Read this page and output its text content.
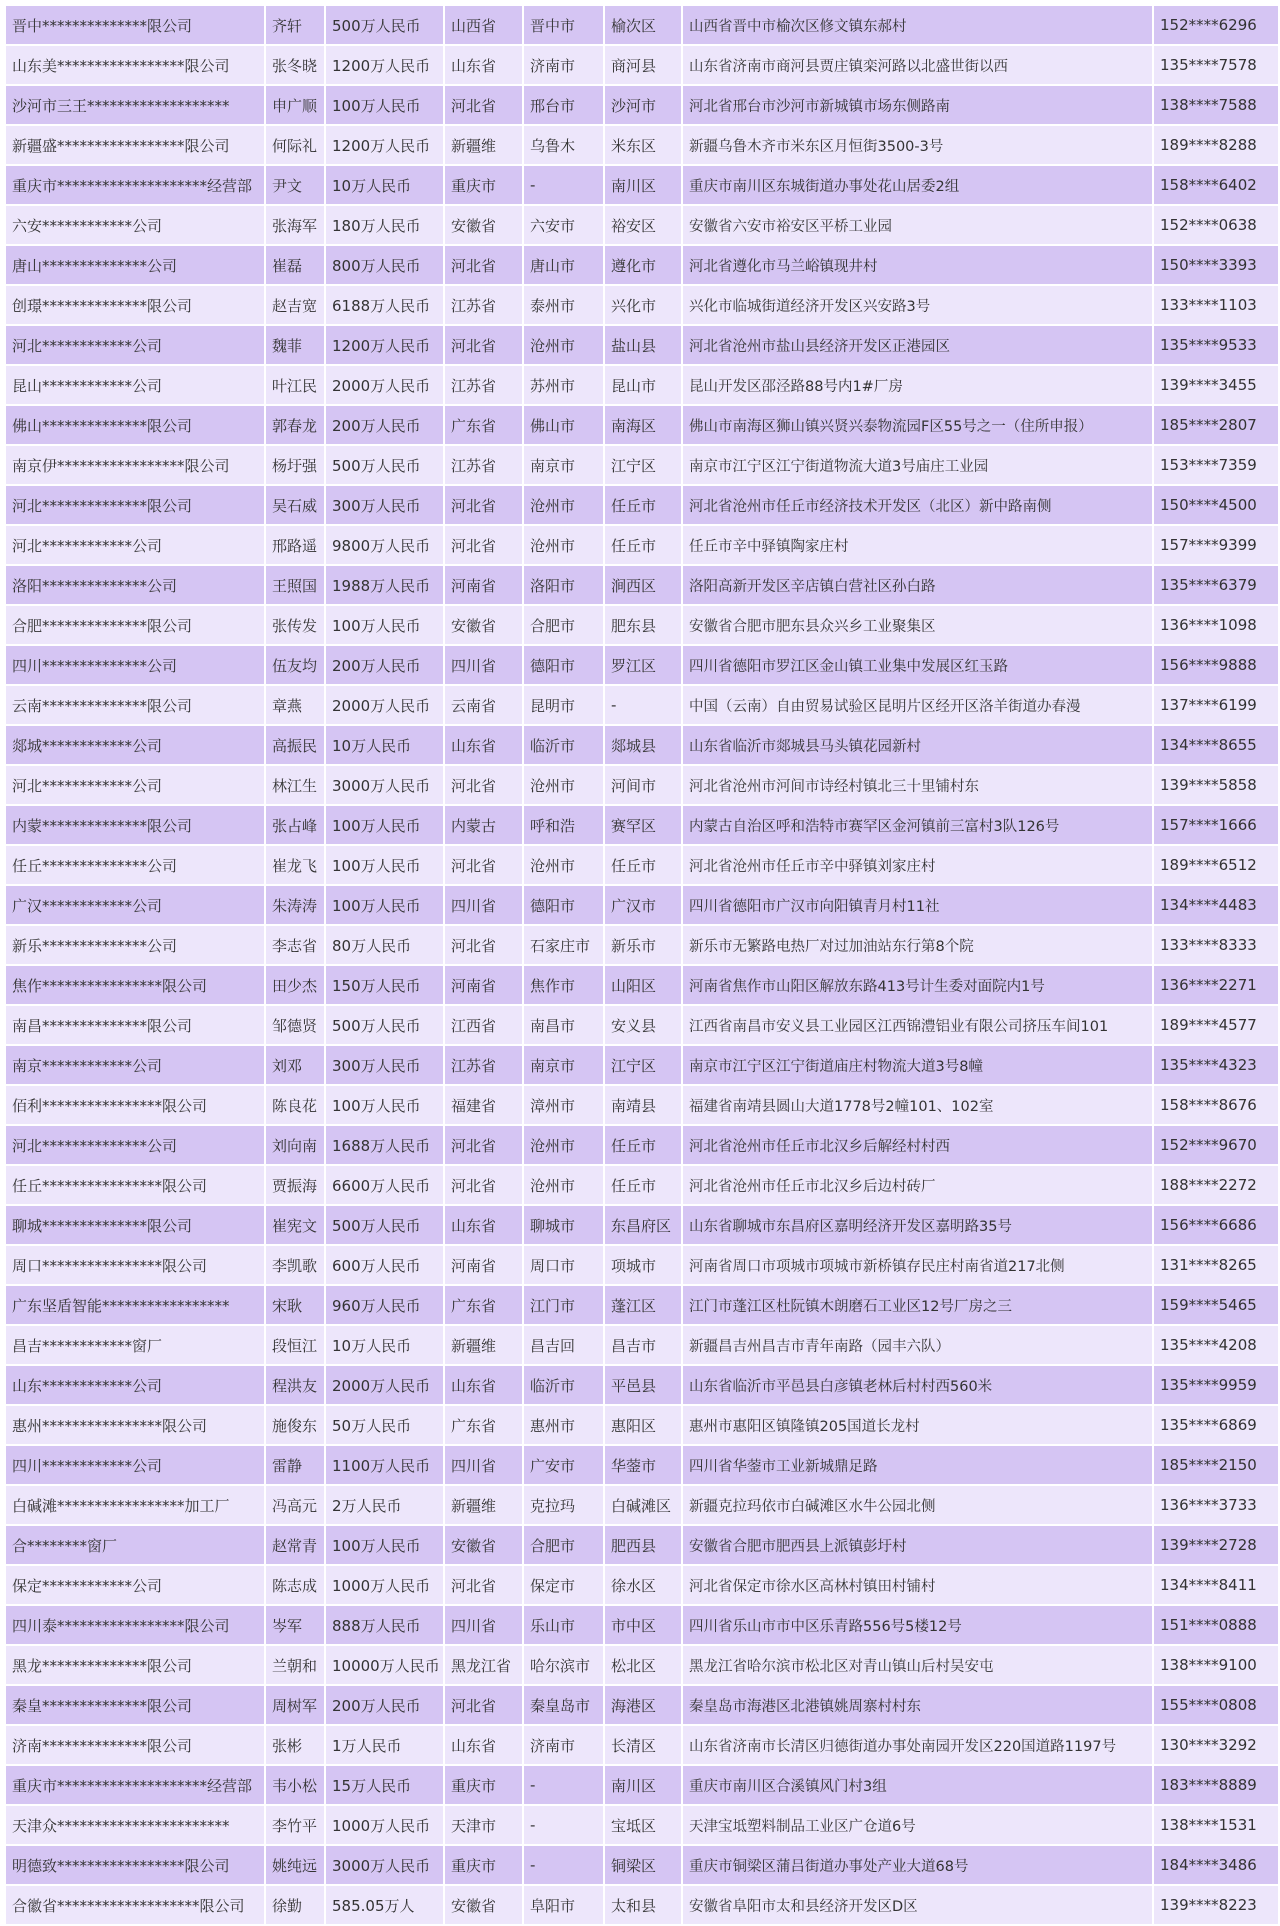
晋中**************限公司	齐轩	500万人民币	山西省	晋中市	榆次区	山西省晋中市榆次区修文镇东郝村	152****6296
山东美*****************限公司	张冬晓	1200万人民币	山东省	济南市	商河县	山东省济南市商河县贾庄镇栾河路以北盛世街以西	135****7578
沙河市三王*******************	申广顺	100万人民币	河北省	邢台市	沙河市	河北省邢台市沙河市新城镇市场东侧路南	138****7588
新疆盛*****************限公司	何际礼	1200万人民币	新疆维	乌鲁木	米东区	新疆乌鲁木齐市米东区月恒街3500-3号	189****8288
重庆市********************经营部	尹文	10万人民币	重庆市	-	南川区	重庆市南川区东城街道办事处花山居委2组	158****6402
六安************公司	张海军	180万人民币	安徽省	六安市	裕安区	安徽省六安市裕安区平桥工业园	152****0638
唐山**************公司	崔磊	800万人民币	河北省	唐山市	遵化市	河北省遵化市马兰峪镇现井村	150****3393
创璟**************限公司	赵吉宽	6188万人民币	江苏省	泰州市	兴化市	兴化市临城街道经济开发区兴安路3号	133****1103
河北************公司	魏菲	1200万人民币	河北省	沧州市	盐山县	河北省沧州市盐山县经济开发区正港园区	135****9533
昆山************公司	叶江民	2000万人民币	江苏省	苏州市	昆山市	昆山开发区邵泾路88号内1#厂房	139****3455
佛山**************限公司	郭春龙	200万人民币	广东省	佛山市	南海区	佛山市南海区狮山镇兴贤兴泰物流园F区55号之一（住所申报）	185****2807
南京伊*****************限公司	杨圩强	500万人民币	江苏省	南京市	江宁区	南京市江宁区江宁街道物流大道3号庙庄工业园	153****7359
河北**************限公司	吴石威	300万人民币	河北省	沧州市	任丘市	河北省沧州市任丘市经济技术开发区（北区）新中路南侧	150****4500
河北************公司	邢路遥	9800万人民币	河北省	沧州市	任丘市	任丘市辛中驿镇陶家庄村	157****9399
洛阳**************公司	王照国	1988万人民币	河南省	洛阳市	涧西区	洛阳高新开发区辛店镇白营社区孙白路	135****6379
合肥**************限公司	张传发	100万人民币	安徽省	合肥市	肥东县	安徽省合肥市肥东县众兴乡工业聚集区	136****1098
四川**************公司	伍友均	200万人民币	四川省	德阳市	罗江区	四川省德阳市罗江区金山镇工业集中发展区红玉路	156****9888
云南**************限公司	章燕	2000万人民币	云南省	昆明市	-	中国（云南）自由贸易试验区昆明片区经开区洛羊街道办春漫	137****6199
郯城************公司	高振民	10万人民币	山东省	临沂市	郯城县	山东省临沂市郯城县马头镇花园新村	134****8655
河北************公司	林江生	3000万人民币	河北省	沧州市	河间市	河北省沧州市河间市诗经村镇北三十里铺村东	139****5858
内蒙**************限公司	张占峰	100万人民币	内蒙古	呼和浩	赛罕区	内蒙古自治区呼和浩特市赛罕区金河镇前三富村3队126号	157****1666
任丘**************公司	崔龙飞	100万人民币	河北省	沧州市	任丘市	河北省沧州市任丘市辛中驿镇刘家庄村	189****6512
广汉************公司	朱涛涛	100万人民币	四川省	德阳市	广汉市	四川省德阳市广汉市向阳镇青月村11社	134****4483
新乐**************公司	李志省	80万人民币	河北省	石家庄市	新乐市	新乐市无繁路电热厂对过加油站东行第8个院	133****8333
焦作****************限公司	田少杰	150万人民币	河南省	焦作市	山阳区	河南省焦作市山阳区解放东路413号计生委对面院内1号	136****2271
南昌**************限公司	邹德贤	500万人民币	江西省	南昌市	安义县	江西省南昌市安义县工业园区江西锦澧铝业有限公司挤压车间101	189****4577
南京************公司	刘邓	300万人民币	江苏省	南京市	江宁区	南京市江宁区江宁街道庙庄村物流大道3号8幢	135****4323
佰利****************限公司	陈良花	100万人民币	福建省	漳州市	南靖县	福建省南靖县圆山大道1778号2幢101、102室	158****8676
河北**************公司	刘向南	1688万人民币	河北省	沧州市	任丘市	河北省沧州市任丘市北汉乡后解经村村西	152****9670
任丘****************限公司	贾振海	6600万人民币	河北省	沧州市	任丘市	河北省沧州市任丘市北汉乡后边村砖厂	188****2272
聊城**************限公司	崔宪文	500万人民币	山东省	聊城市	东昌府区	山东省聊城市东昌府区嘉明经济开发区嘉明路35号	156****6686
周口****************限公司	李凯歌	600万人民币	河南省	周口市	项城市	河南省周口市项城市项城市新桥镇存民庄村南省道217北侧	131****8265
广东坚盾智能*****************	宋耿	960万人民币	广东省	江门市	蓬江区	江门市蓬江区杜阮镇木朗磨石工业区12号厂房之三	159****5465
昌吉************窗厂	段恒江	10万人民币	新疆维	昌吉回	昌吉市	新疆昌吉州昌吉市青年南路（园丰六队）	135****4208
山东************公司	程洪友	2000万人民币	山东省	临沂市	平邑县	山东省临沂市平邑县白彦镇老林后村村西560米	135****9959
惠州****************限公司	施俊东	50万人民币	广东省	惠州市	惠阳区	惠州市惠阳区镇隆镇205国道长龙村	135****6869
四川************公司	雷静	1100万人民币	四川省	广安市	华蓥市	四川省华蓥市工业新城鼎足路	185****2150
白碱滩*****************加工厂	冯高元	2万人民币	新疆维	克拉玛	白碱滩区	新疆克拉玛依市白碱滩区水牛公园北侧	136****3733
合********窗厂	赵常青	100万人民币	安徽省	合肥市	肥西县	安徽省合肥市肥西县上派镇彭圩村	139****2728
保定************公司	陈志成	1000万人民币	河北省	保定市	徐水区	河北省保定市徐水区高林村镇田村铺村	134****8411
四川泰*****************限公司	岑军	888万人民币	四川省	乐山市	市中区	四川省乐山市市中区乐青路556号5楼12号	151****0888
黑龙**************限公司	兰朝和	10000万人民币	黑龙江省	哈尔滨市	松北区	黑龙江省哈尔滨市松北区对青山镇山后村吴安屯	138****9100
秦皇**************限公司	周树军	200万人民币	河北省	秦皇岛市	海港区	秦皇岛市海港区北港镇姚周寨村村东	155****0808
济南**************限公司	张彬	1万人民币	山东省	济南市	长清区	山东省济南市长清区归德街道办事处南园开发区220国道路1197号	130****3292
重庆市********************经营部	韦小松	15万人民币	重庆市	-	南川区	重庆市南川区合溪镇风门村3组	183****8889
天津众***********************	李竹平	1000万人民币	天津市	-	宝坻区	天津宝坻塑料制品工业区广仓道6号	138****1531
明德致*****************限公司	姚纯远	3000万人民币	重庆市	-	铜梁区	重庆市铜梁区蒲吕街道办事处产业大道68号	184****3486
合徽省*******************限公司	徐勤	585.05万人	安徽省	阜阳市	太和县	安徽省阜阳市太和县经济开发区D区	139****8223
